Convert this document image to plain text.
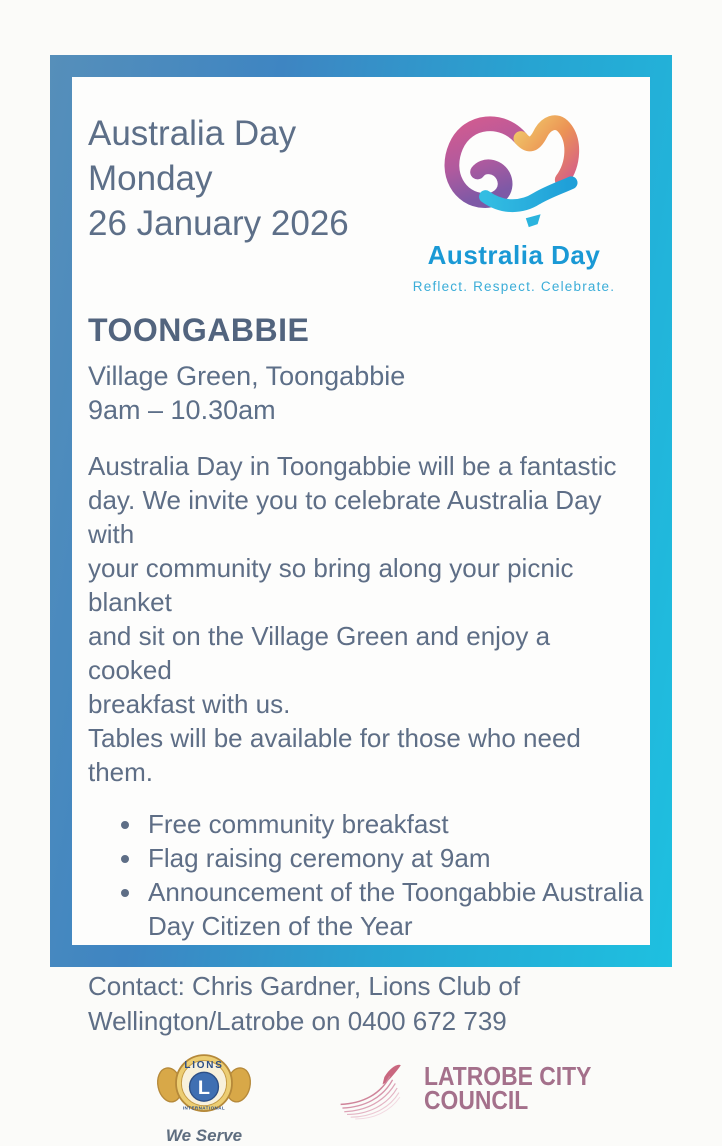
Australia Day
Monday
26 January 2026
Australia Day
Reflect. Respect. Celebrate.
TOONGABBIE
Village Green, Toongabbie
9am – 10.30am
Australia Day in Toongabbie will be a fantastic
day. We invite you to celebrate Australia Day with
your community so bring along your picnic blanket
and sit on the Village Green and enjoy a cooked
breakfast with us.
Tables will be available for those who need them.
• Free community breakfast
• Flag raising ceremony at 9am
• Announcement of the Toongabbie Australia Day Citizen of the Year
Contact: Chris Gardner, Lions Club of
Wellington/Latrobe on 0400 672 739
LIONS
L
INTERNATIONAL
We Serve
LATROBE CITY
COUNCIL
